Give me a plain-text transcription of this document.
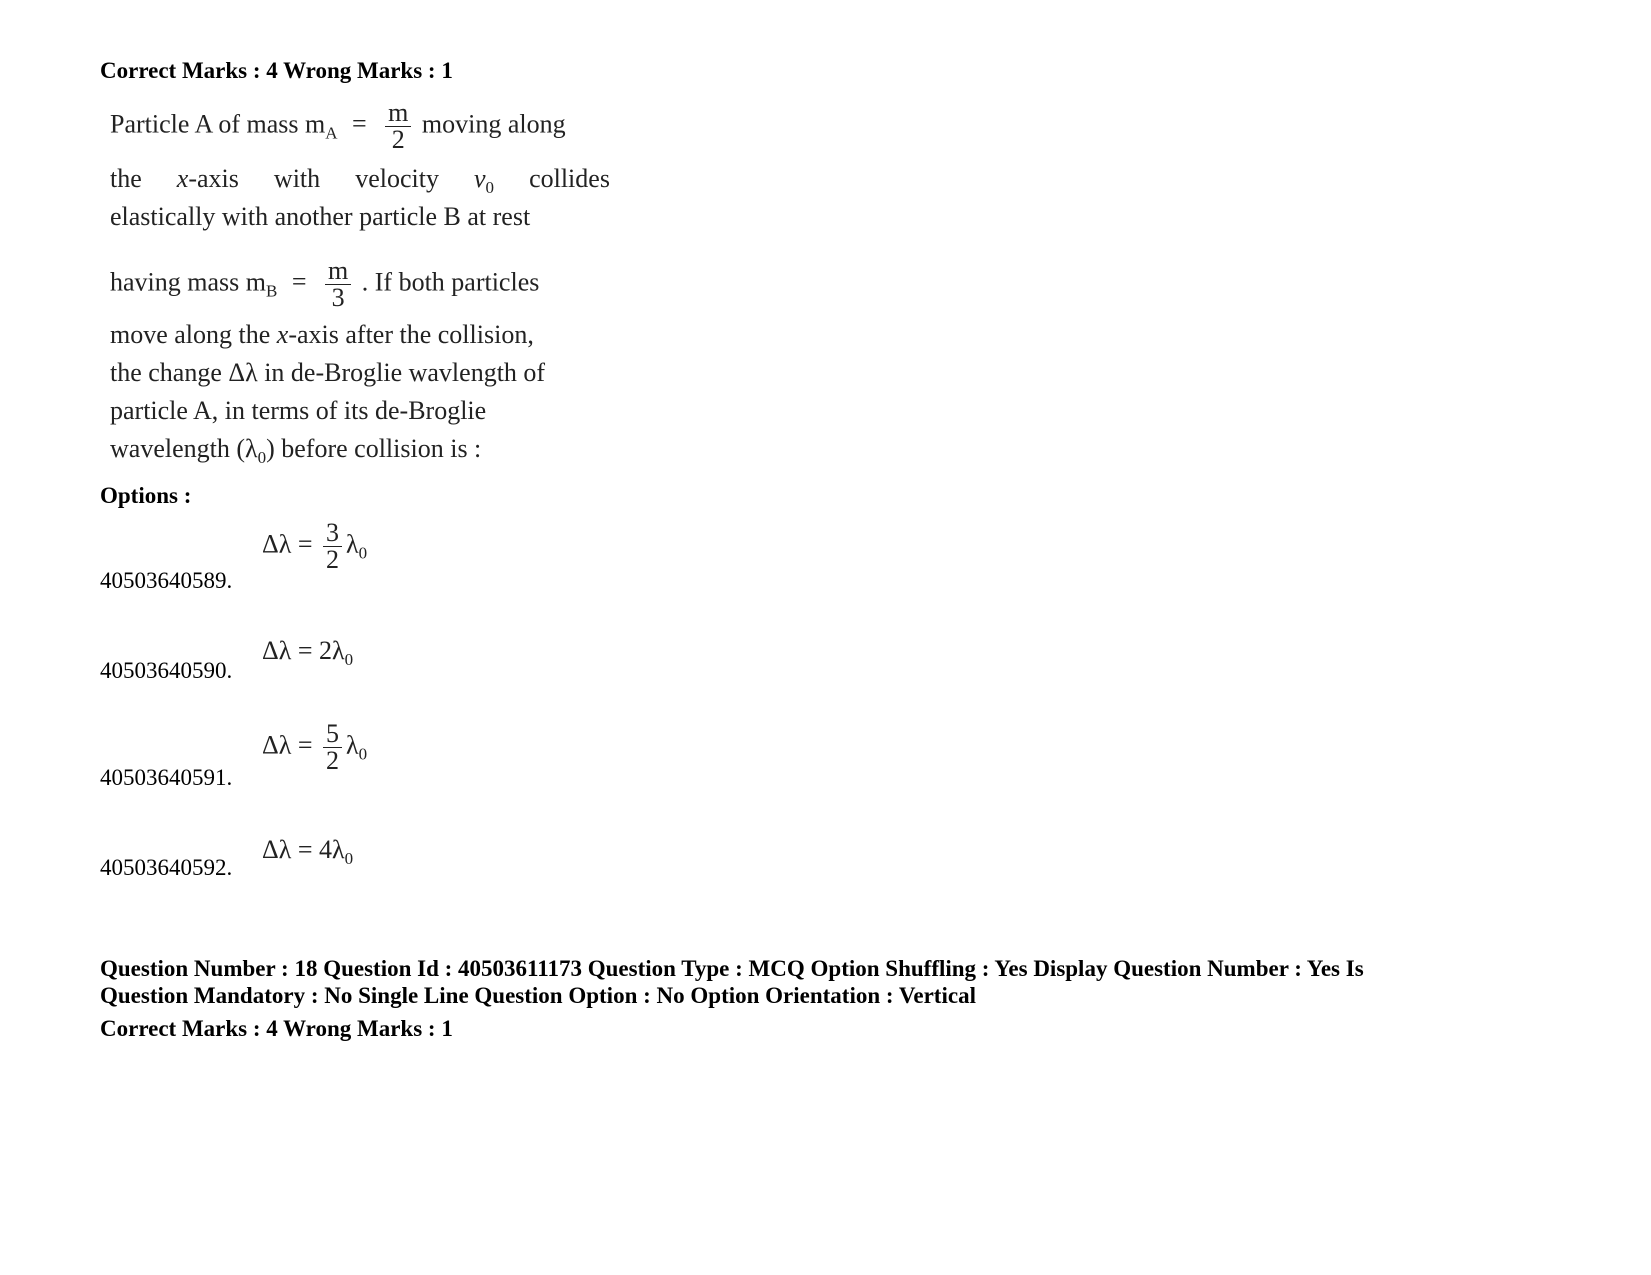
Correct Marks : 4 Wrong Marks : 1
Particle A of mass $m_A = \frac{m}{2}$ moving along
the x-axis with velocity $v_0$ collides
elastically with another particle B at rest
having mass $m_B = \frac{m}{3}$ . If both particles
move along the x-axis after the collision,
the change Δλ in de-Broglie wavlength of
particle A, in terms of its de-Broglie
wavelength $(\lambda_0)$ before collision is :
Options :
$\Delta\lambda = \frac{3}{2} \lambda_0$
40503640589.
$\Delta\lambda = 2\lambda_0$
40503640590.
$\Delta\lambda = \frac{5}{2} \lambda_0$
40503640591.
$\Delta\lambda = 4\lambda_0$
40503640592.
Question Number : 18 Question Id : 40503611173 Question Type : MCQ Option Shuffling : Yes Display Question Number : Yes Is
Question Mandatory : No Single Line Question Option : No Option Orientation : Vertical
Correct Marks : 4 Wrong Marks : 1
